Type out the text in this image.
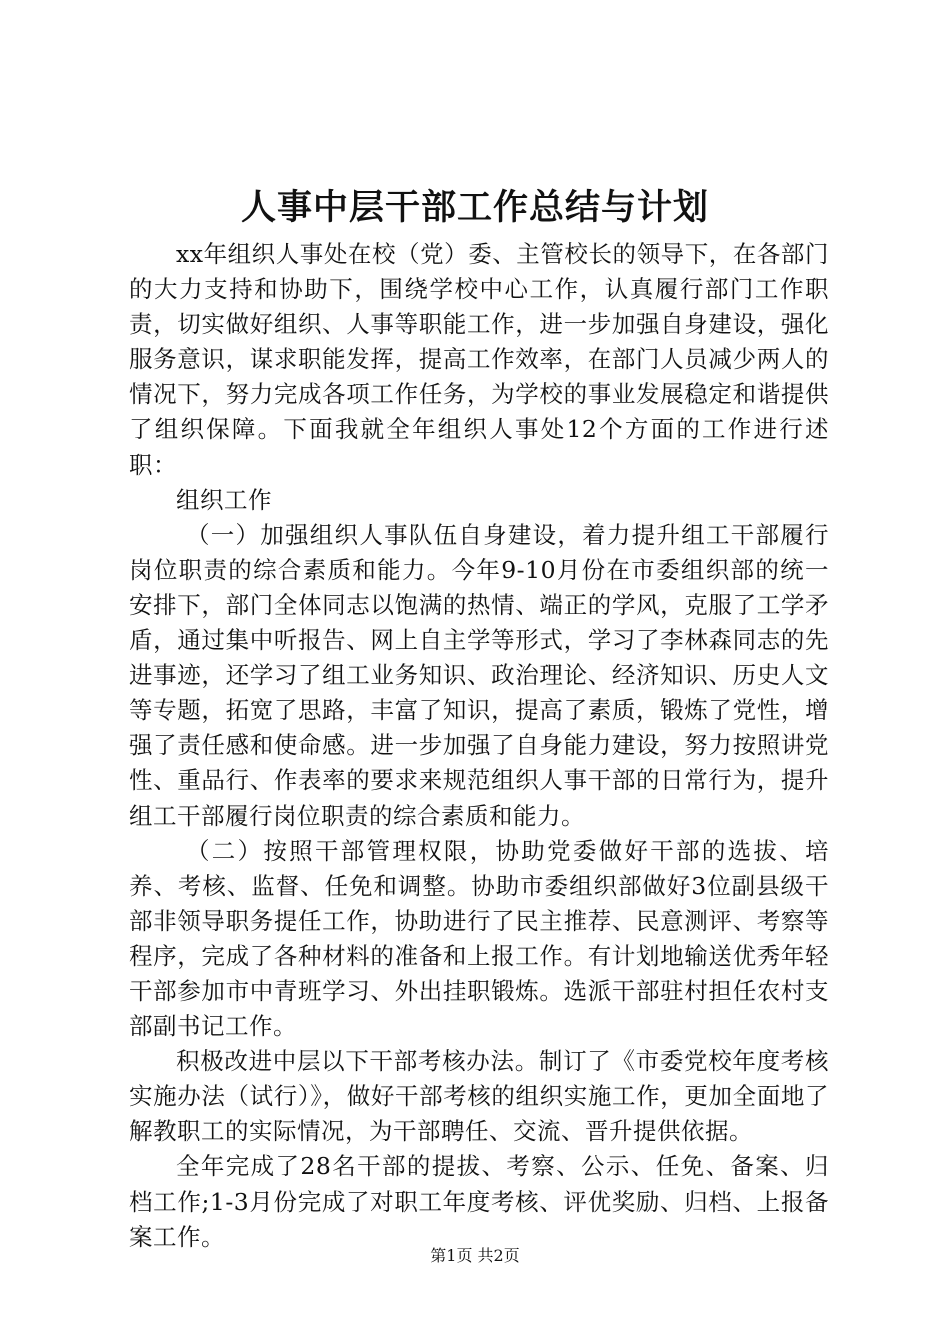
人事中层干部工作总结与计划

xx年组织人事处在校（党）委、主管校长的领导下，在各部门的大力支持和协助下，围绕学校中心工作，认真履行部门工作职责，切实做好组织、人事等职能工作，进一步加强自身建设，强化服务意识，谋求职能发挥，提高工作效率，在部门人员减少两人的情况下，努力完成各项工作任务，为学校的事业发展稳定和谐提供了组织保障。下面我就全年组织人事处12个方面的工作进行述职：

组织工作

（一）加强组织人事队伍自身建设，着力提升组工干部履行岗位职责的综合素质和能力。今年9-10月份在市委组织部的统一安排下，部门全体同志以饱满的热情、端正的学风，克服了工学矛盾，通过集中听报告、网上自主学等形式，学习了李林森同志的先进事迹，还学习了组工业务知识、政治理论、经济知识、历史人文等专题，拓宽了思路，丰富了知识，提高了素质，锻炼了党性，增强了责任感和使命感。进一步加强了自身能力建设，努力按照讲党性、重品行、作表率的要求来规范组织人事干部的日常行为，提升组工干部履行岗位职责的综合素质和能力。

（二）按照干部管理权限，协助党委做好干部的选拔、培养、考核、监督、任免和调整。协助市委组织部做好3位副县级干部非领导职务提任工作，协助进行了民主推荐、民意测评、考察等程序，完成了各种材料的准备和上报工作。有计划地输送优秀年轻干部参加市中青班学习、外出挂职锻炼。选派干部驻村担任农村支部副书记工作。

积极改进中层以下干部考核办法。制订了《市委党校年度考核实施办法（试行）》，做好干部考核的组织实施工作，更加全面地了解教职工的实际情况，为干部聘任、交流、晋升提供依据。

全年完成了28名干部的提拔、考察、公示、任免、备案、归档工作;1-3月份完成了对职工年度考核、评优奖励、归档、上报备案工作。

第1页 共2页
